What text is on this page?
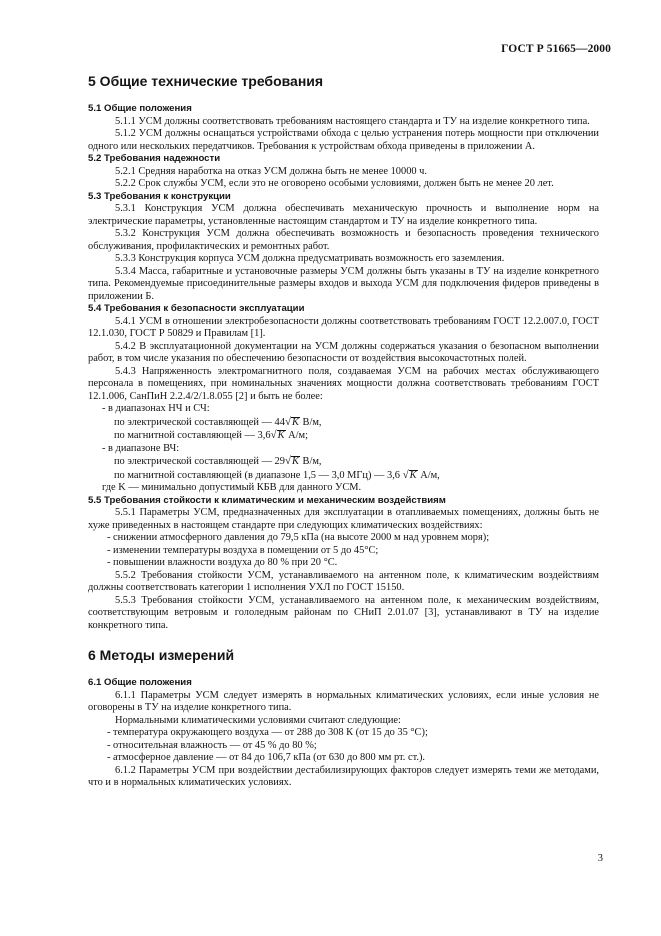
ГОСТ Р 51665—2000
5 Общие технические требования
5.1 Общие положения

5.1.1 УСМ должны соответствовать требованиям настоящего стандарта и ТУ на изделие конкретного типа.

5.1.2 УСМ должны оснащаться устройствами обхода с целью устранения потерь мощности при отключении одного или нескольких передатчиков. Требования к устройствам обхода приведены в приложении А.

5.2 Требования надежности

5.2.1 Средняя наработка на отказ УСМ должна быть не менее 10000 ч.

5.2.2 Срок службы УСМ, если это не оговорено особыми условиями, должен быть не менее 20 лет.

5.3 Требования к конструкции

5.3.1 Конструкция УСМ должна обеспечивать механическую прочность и выполнение норм на электрические параметры, установленные настоящим стандартом и ТУ на изделие конкретного типа.

5.3.2 Конструкция УСМ должна обеспечивать возможность и безопасность проведения технического обслуживания, профилактических и ремонтных работ.

5.3.3 Конструкция корпуса УСМ должна предусматривать возможность его заземления.

5.3.4 Масса, габаритные и установочные размеры УСМ должны быть указаны в ТУ на изделие конкретного типа. Рекомендуемые присоединительные размеры входов и выхода УСМ для подключения фидеров приведены в приложении Б.

5.4 Требования к безопасности эксплуатации

5.4.1 УСМ в отношении электробезопасности должны соответствовать требованиям ГОСТ 12.2.007.0, ГОСТ 12.1.030, ГОСТ Р 50829 и Правилам [1].

5.4.2 В эксплуатационной документации на УСМ должны содержаться указания о безопасном выполнении работ, в том числе указания по обеспечению безопасности от воздействия высокочастотных полей.

5.4.3 Напряженность электромагнитного поля, создаваемая УСМ на рабочих местах обслуживающего персонала в помещениях, при номинальных значениях мощности должна соответствовать требованиям ГОСТ 12.1.006, СанПиН 2.2.4/2/1.8.055 [2] и быть не более:

- в диапазонах НЧ и СЧ:

по электрической составляющей — 44√K В/м,

по магнитной составляющей — 3,6√K А/м;

- в диапазоне ВЧ:

по электрической составляющей — 29√K В/м,

по магнитной составляющей (в диапазоне 1,5 — 3,0 МГц) — 3,6 √K А/м,

где K — минимально допустимый КБВ для данного УСМ.

5.5 Требования стойкости к климатическим и механическим воздействиям

5.5.1 Параметры УСМ, предназначенных для эксплуатации в отапливаемых помещениях, должны быть не хуже приведенных в настоящем стандарте при следующих климатических воздействиях:

- снижении атмосферного давления до 79,5 кПа (на высоте 2000 м над уровнем моря);

- изменении температуры воздуха в помещении от 5 до 45°С;

- повышении влажности воздуха до 80 % при 20 °С.

5.5.2 Требования стойкости УСМ, устанавливаемого на антенном поле, к климатическим воздействиям должны соответствовать категории 1 исполнения УХЛ по ГОСТ 15150.

5.5.3 Требования стойкости УСМ, устанавливаемого на антенном поле, к механическим воздействиям, соответствующим ветровым и гололедным районам по СНиП 2.01.07 [3], устанавливают в ТУ на изделие конкретного типа.

6 Методы измерений
6.1 Общие положения

6.1.1 Параметры УСМ следует измерять в нормальных климатических условиях, если иные условия не оговорены в ТУ на изделие конкретного типа.

Нормальными климатическими условиями считают следующие:

- температура окружающего воздуха — от 288 до 308 К (от 15 до 35 °С);

- относительная влажность — от 45 % до 80 %;

- атмосферное давление — от 84 до 106,7 кПа (от 630 до 800 мм рт. ст.).

6.1.2 Параметры УСМ при воздействии дестабилизирующих факторов следует измерять теми же методами, что и в нормальных климатических условиях.

3
